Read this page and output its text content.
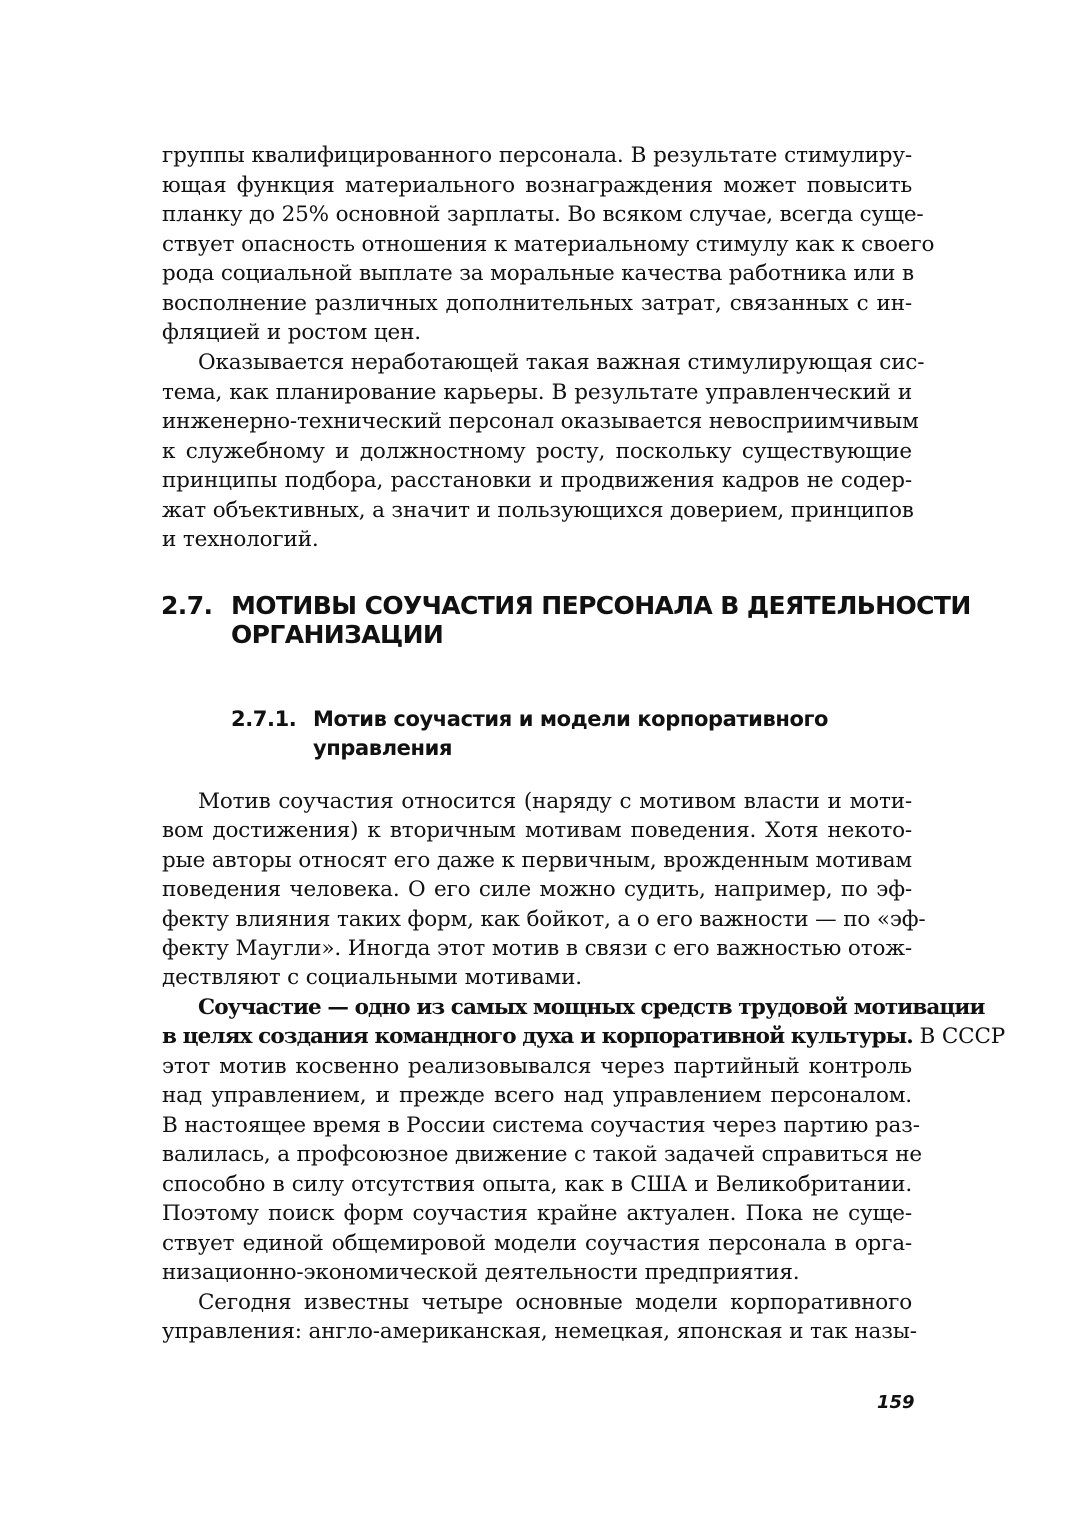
группы квалифицированного персонала. В результате стимулиру-
ющая функция материального вознаграждения может повысить
планку до 25% основной зарплаты. Во всяком случае, всегда суще-
ствует опасность отношения к материальному стимулу как к своего
рода социальной выплате за моральные качества работника или в
восполнение различных дополнительных затрат, связанных с ин-
фляцией и ростом цен.
Оказывается неработающей такая важная стимулирующая сис-
тема, как планирование карьеры. В результате управленческий и
инженерно-технический персонал оказывается невосприимчивым
к служебному и должностному росту, поскольку существующие
принципы подбора, расстановки и продвижения кадров не содер-
жат объективных, а значит и пользующихся доверием, принципов
и технологий.
2.7. МОТИВЫ СОУЧАСТИЯ ПЕРСОНАЛА В ДЕЯТЕЛЬНОСТИ
ОРГАНИЗАЦИИ
2.7.1. Мотив соучастия и модели корпоративного
управления
Мотив соучастия относится (наряду с мотивом власти и моти-
вом достижения) к вторичным мотивам поведения. Хотя некото-
рые авторы относят его даже к первичным, врожденным мотивам
поведения человека. О его силе можно судить, например, по эф-
фекту влияния таких форм, как бойкот, а о его важности — по «эф-
фекту Маугли». Иногда этот мотив в связи с его важностью отож-
дествляют с социальными мотивами.
Соучастие — одно из самых мощных средств трудовой мотивации
в целях создания командного духа и корпоративной культуры. В СССР
этот мотив косвенно реализовывался через партийный контроль
над управлением, и прежде всего над управлением персоналом.
В настоящее время в России система соучастия через партию раз-
валилась, а профсоюзное движение с такой задачей справиться не
способно в силу отсутствия опыта, как в США и Великобритании.
Поэтому поиск форм соучастия крайне актуален. Пока не суще-
ствует единой общемировой модели соучастия персонала в орга-
низационно-экономической деятельности предприятия.
Сегодня известны четыре основные модели корпоративного
управления: англо-американская, немецкая, японская и так назы-
159
